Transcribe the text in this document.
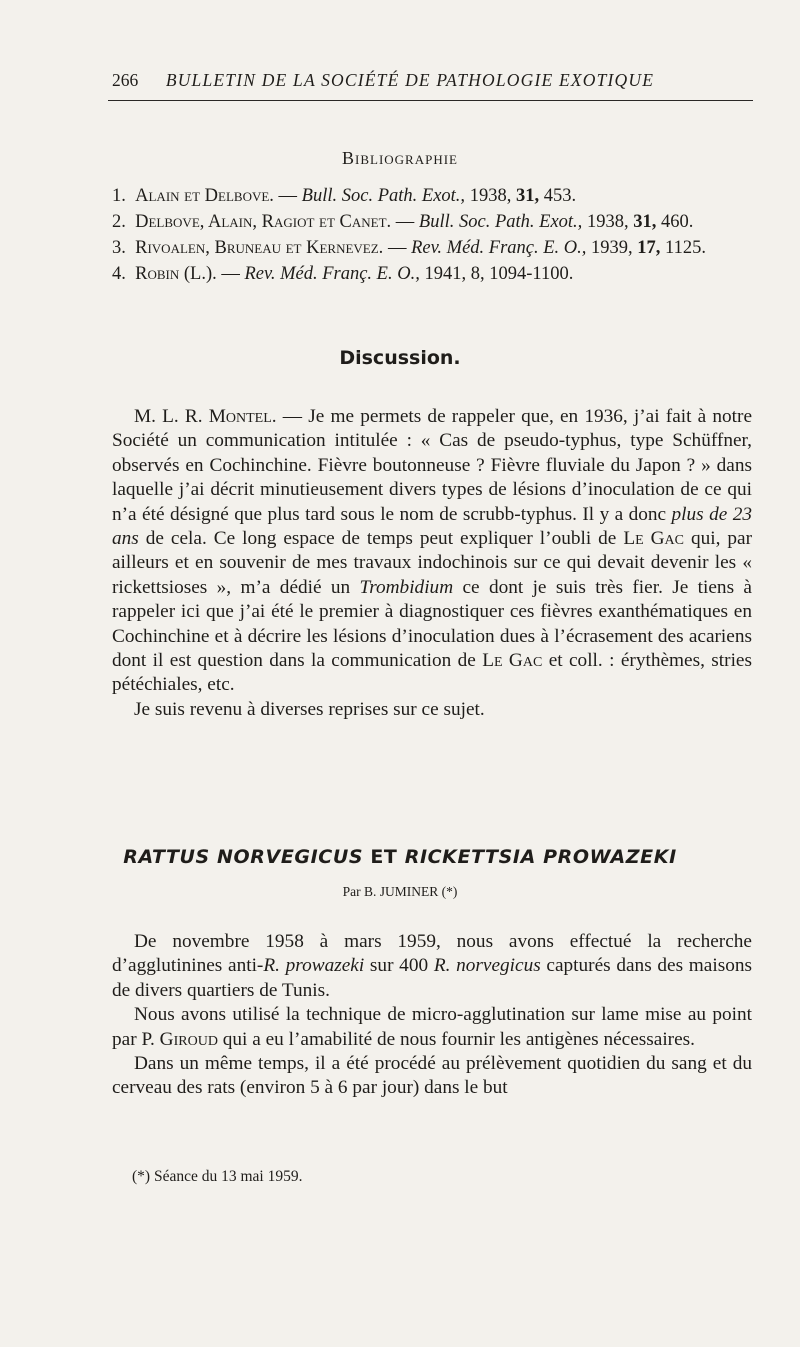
266 BULLETIN DE LA SOCIÉTÉ DE PATHOLOGIE EXOTIQUE
Bibliographie
1. Alain et Delbove. — Bull. Soc. Path. Exot., 1938, 31, 453.
2. Delbove, Alain, Ragiot et Canet. — Bull. Soc. Path. Exot., 1938, 31, 460.
3. Rivoalen, Bruneau et Kernevez. — Rev. Méd. Franç. E. O., 1939, 17, 1125.
4. Robin (L.). — Rev. Méd. Franç. E. O., 1941, 8, 1094-1100.
Discussion.

M. L. R. Montel. — Je me permets de rappeler que, en 1936, j’ai fait à notre Société un communication intitulée : « Cas de pseudo-typhus, type Schüffner, observés en Cochinchine. Fièvre boutonneuse ? Fièvre fluviale du Japon ? » dans laquelle j’ai décrit minutieusement divers types de lésions d’inoculation de ce qui n’a été désigné que plus tard sous le nom de scrubb-typhus. Il y a donc plus de 23 ans de cela. Ce long espace de temps peut expliquer l’oubli de Le Gac qui, par ailleurs et en souvenir de mes travaux indochinois sur ce qui devait devenir les « rickettsioses », m’a dédié un Trombidium ce dont je suis très fier. Je tiens à rappeler ici que j’ai été le premier à diagnostiquer ces fièvres exanthématiques en Cochinchine et à décrire les lésions d’inoculation dues à l’écrasement des acariens dont il est question dans la communication de Le Gac et coll. : érythèmes, stries pétéchiales, etc.

Je suis revenu à diverses reprises sur ce sujet.

RATTUS NORVEGICUS ET RICKETTSIA PROWAZEKI
Par B. JUMINER (*)

De novembre 1958 à mars 1959, nous avons effectué la recherche d’agglutinines anti-R. prowazeki sur 400 R. norvegicus capturés dans des maisons de divers quartiers de Tunis.

Nous avons utilisé la technique de micro-agglutination sur lame mise au point par P. Giroud qui a eu l’amabilité de nous fournir les antigènes nécessaires.

Dans un même temps, il a été procédé au prélèvement quotidien du sang et du cerveau des rats (environ 5 à 6 par jour) dans le but

(*) Séance du 13 mai 1959.
